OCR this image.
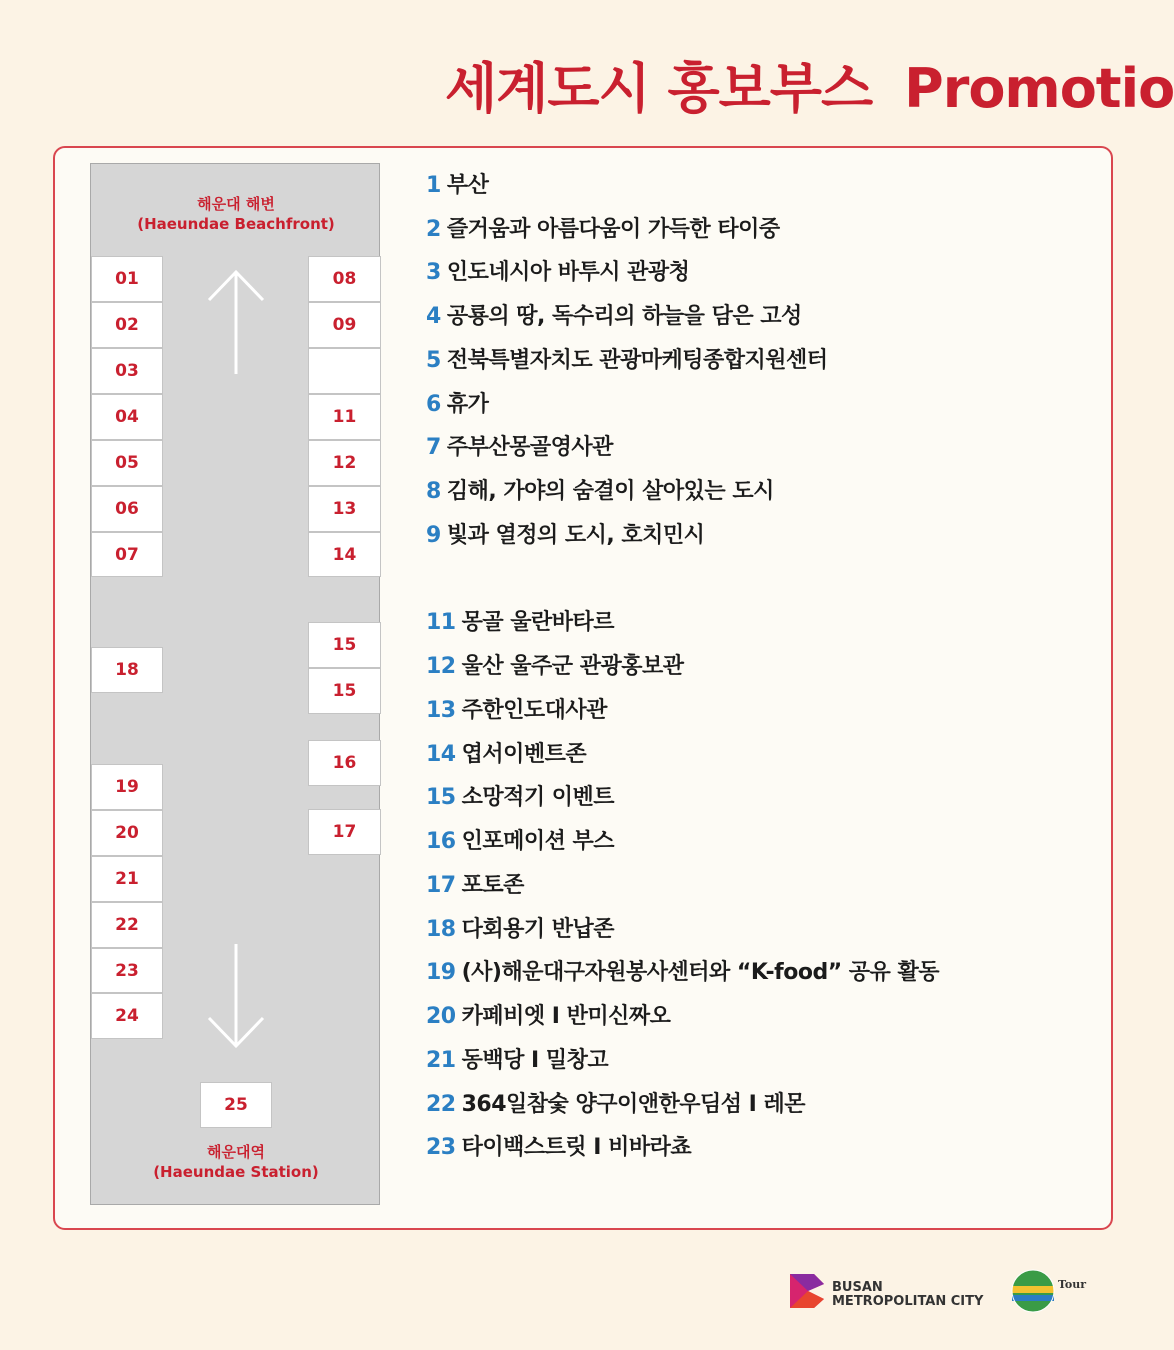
세계도시 홍보부스 Promotio
해운대 해변
(Haeundae Beachfront)
01
02
03
04
05
06
07
08
09
11
12
13
14
15
15
18
16
17
19
20
21
22
23
24
25
해운대역
(Haeundae Station)
1 부산
2 즐거움과 아름다움이 가득한 타이중
3 인도네시아 바투시 관광청
4 공룡의 땅, 독수리의 하늘을 담은 고성
5 전북특별자치도 관광마케팅종합지원센터
6 휴가
7 주부산몽골영사관
8 김해, 가야의 숨결이 살아있는 도시
9 빛과 열정의 도시, 호치민시
11 몽골 울란바타르
12 울산 울주군 관광홍보관
13 주한인도대사관
14 엽서이벤트존
15 소망적기 이벤트
16 인포메이션 부스
17 포토존
18 다회용기 반납존
19 (사)해운대구자원봉사센터와 “K-food” 공유 활동
20 카페비엣 I 반미신짜오
21 동백당 I 밀창고
22 364일참숯 양구이앤한우딤섬 I 레몬
23 타이백스트릿 I 비바라쵸
BUSAN
METROPOLITAN CITY
Tour
